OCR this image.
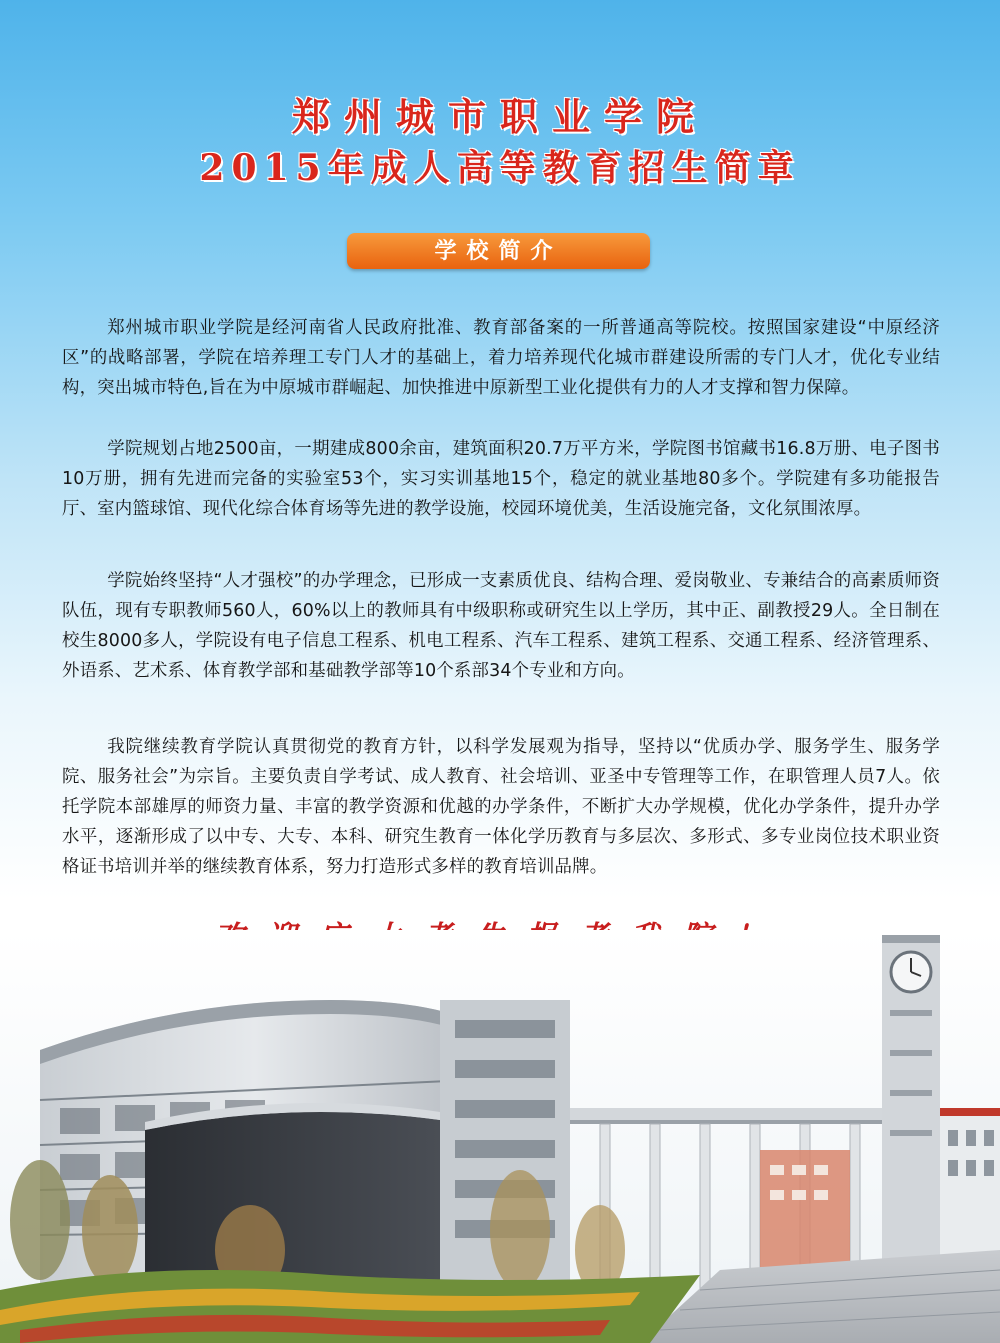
郑州城市职业学院
2015年成人高等教育招生简章
学校简介

郑州城市职业学院是经河南省人民政府批准、教育部备案的一所普通高等院校。按照国家建设“中原经济区”的战略部署，学院在培养理工专门人才的基础上，着力培养现代化城市群建设所需的专门人才，优化专业结构，突出城市特色,旨在为中原城市群崛起、加快推进中原新型工业化提供有力的人才支撑和智力保障。

学院规划占地2500亩，一期建成800余亩，建筑面积20.7万平方米，学院图书馆藏书16.8万册、电子图书10万册，拥有先进而完备的实验室53个，实习实训基地15个，稳定的就业基地80多个。学院建有多功能报告厅、室内篮球馆、现代化综合体育场等先进的教学设施，校园环境优美，生活设施完备，文化氛围浓厚。

学院始终坚持“人才强校”的办学理念，已形成一支素质优良、结构合理、爱岗敬业、专兼结合的高素质师资队伍，现有专职教师560人，60%以上的教师具有中级职称或研究生以上学历，其中正、副教授29人。全日制在校生8000多人，学院设有电子信息工程系、机电工程系、汽车工程系、建筑工程系、交通工程系、经济管理系、外语系、艺术系、体育教学部和基础教学部等10个系部34个专业和方向。

我院继续教育学院认真贯彻党的教育方针，以科学发展观为指导，坚持以“优质办学、服务学生、服务学院、服务社会”为宗旨。主要负责自学考试、成人教育、社会培训、亚圣中专管理等工作，在职管理人员7人。依托学院本部雄厚的师资力量、丰富的教学资源和优越的办学条件，不断扩大办学规模，优化办学条件，提升办学水平，逐渐形成了以中专、大专、本科、研究生教育一体化学历教育与多层次、多形式、多专业岗位技术职业资格证书培训并举的继续教育体系，努力打造形式多样的教育培训品牌。
